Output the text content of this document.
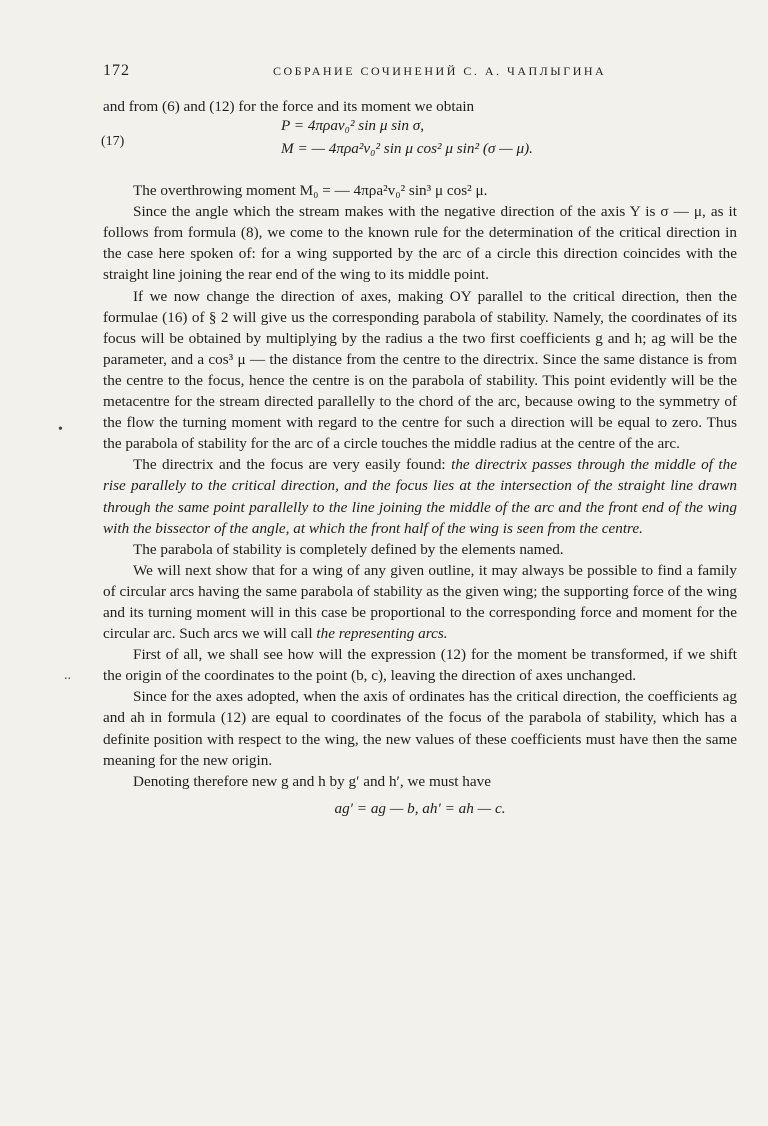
172	СОБРАНИЕ СОЧИНЕНИЙ С. А. ЧАПЛЫГИНА

and from (6) and (12) for the force and its moment we obtain

(17)
P = 4πρav₀² sin μ sin σ,
M = — 4πρa²v₀² sin μ cos² μ sin² (σ — μ).

The overthrowing moment M₀ = — 4πρa²v₀² sin³ μ cos² μ.

Since the angle which the stream makes with the negative direction of the axis Y is σ — μ, as it follows from formula (8), we come to the known rule for the determination of the critical direction in the case here spoken of: for a wing supported by the arc of a circle this direction coincides with the straight line joining the rear end of the wing to its middle point.

If we now change the direction of axes, making OY parallel to the critical direction, then the formulae (16) of § 2 will give us the corresponding parabola of stability. Namely, the coordinates of its focus will be obtained by multiplying by the radius a the two first coefficients g and h; ag will be the parameter, and a cos³ μ — the distance from the centre to the directrix. Since the same distance is from the centre to the focus, hence the centre is on the parabola of stability. This point evidently will be the metacentre for the stream directed parallelly to the chord of the arc, because owing to the symmetry of the flow the turning moment with regard to the centre for such a direction will be equal to zero. Thus the parabola of stability for the arc of a circle touches the middle radius at the centre of the arc.

The directrix and the focus are very easily found: the directrix passes through the middle of the rise parallely to the critical direction, and the focus lies at the intersection of the straight line drawn through the same point parallelly to the line joining the middle of the arc and the front end of the wing with the bissector of the angle, at which the front half of the wing is seen from the centre.

The parabola of stability is completely defined by the elements named.

We will next show that for a wing of any given outline, it may always be possible to find a family of circular arcs having the same parabola of stability as the given wing; the supporting force of the wing and its turning moment will in this case be proportional to the corresponding force and moment for the circular arc. Such arcs we will call the representing arcs.

First of all, we shall see how will the expression (12) for the moment be transformed, if we shift the origin of the coordinates to the point (b, c), leaving the direction of axes unchanged.

Since for the axes adopted, when the axis of ordinates has the critical direction, the coefficients ag and ah in formula (12) are equal to coordinates of the focus of the parabola of stability, which has a definite position with respect to the wing, the new values of these coefficients must have then the same meaning for the new origin.

Denoting therefore new g and h by g′ and h′, we must have

ag′ = ag — b, ah′ = ah — c.

•
..
